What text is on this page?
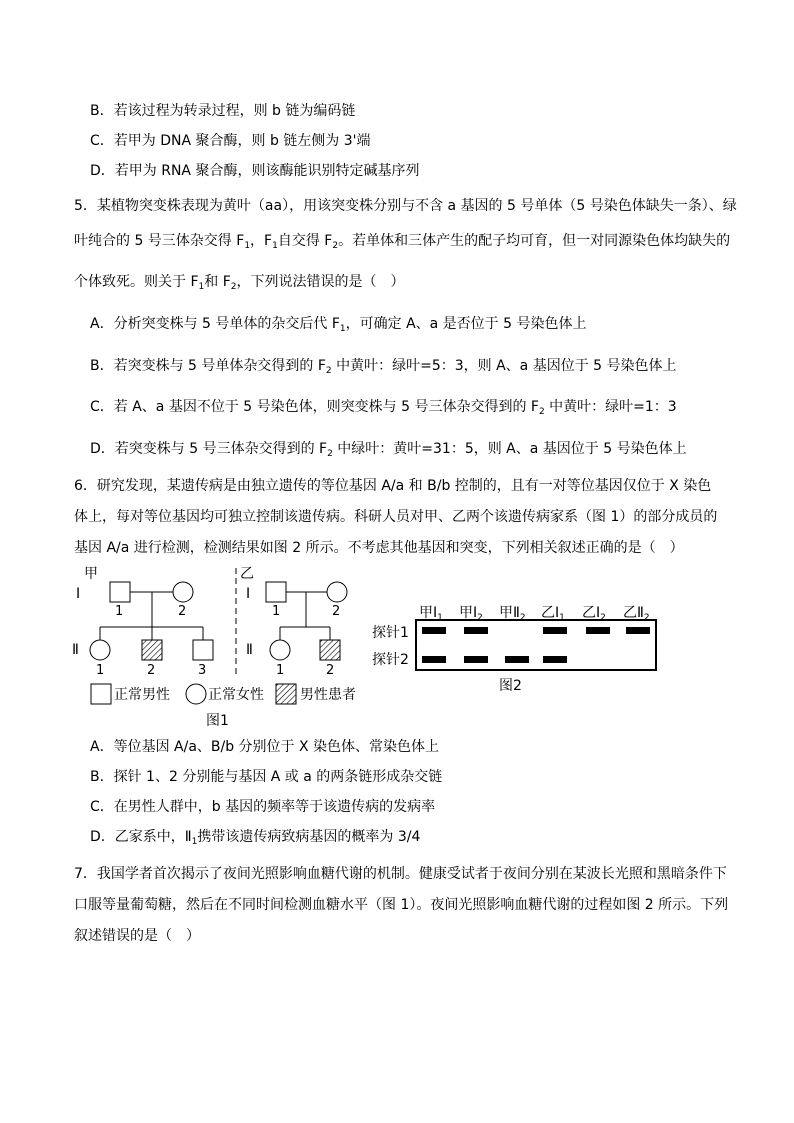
B．若该过程为转录过程，则 b 链为编码链
C．若甲为 DNA 聚合酶，则 b 链左侧为 3'端
D．若甲为 RNA 聚合酶，则该酶能识别特定碱基序列
5．某植物突变株表现为黄叶（aa），用该突变株分别与不含 a 基因的 5 号单体（5 号染色体缺失一条）、绿
叶纯合的 5 号三体杂交得 $F_1$，$F_1$自交得 $F_2$。若单体和三体产生的配子均可育，但一对同源染色体均缺失的
个体致死。则关于 $F_1$和 $F_2$，下列说法错误的是（　）
A．分析突变株与 5 号单体的杂交后代 $F_1$，可确定 A、a 是否位于 5 号染色体上
B．若突变株与 5 号单体杂交得到的 $F_2$ 中黄叶：绿叶=5：3，则 A、a 基因位于 5 号染色体上
C．若 A、a 基因不位于 5 号染色体，则突变株与 5 号三体杂交得到的 $F_2$ 中黄叶：绿叶=1：3
D．若突变株与 5 号三体杂交得到的 $F_2$ 中绿叶：黄叶=31：5，则 A、a 基因位于 5 号染色体上
6．研究发现，某遗传病是由独立遗传的等位基因 A/a 和 B/b 控制的，且有一对等位基因仅位于 X 染色
体上，每对等位基因均可独立控制该遗传病。科研人员对甲、乙两个该遗传病家系（图 1）的部分成员的
基因 A/a 进行检测，检测结果如图 2 所示。不考虑其他基因和突变，下列相关叙述正确的是（　）
甲	乙
Ⅰ
Ⅱ
Ⅰ
Ⅱ
1	2
1	2	3
1	2
1	2
正常男性	正常女性	男性患者
图1
甲$Ⅰ_1$ 甲$Ⅰ_2$ 甲$Ⅱ_2$ 乙$Ⅰ_1$ 乙$Ⅰ_2$ 乙$Ⅱ_2$
探针1
探针2
图2
A．等位基因 A/a、B/b 分别位于 X 染色体、常染色体上
B．探针 1、2 分别能与基因 A 或 a 的两条链形成杂交链
C．在男性人群中，b 基因的频率等于该遗传病的发病率
D．乙家系中，$Ⅱ_1$携带该遗传病致病基因的概率为 3/4
7．我国学者首次揭示了夜间光照影响血糖代谢的机制。健康受试者于夜间分别在某波长光照和黑暗条件下
口服等量葡萄糖，然后在不同时间检测血糖水平（图 1）。夜间光照影响血糖代谢的过程如图 2 所示。下列
叙述错误的是（　）
